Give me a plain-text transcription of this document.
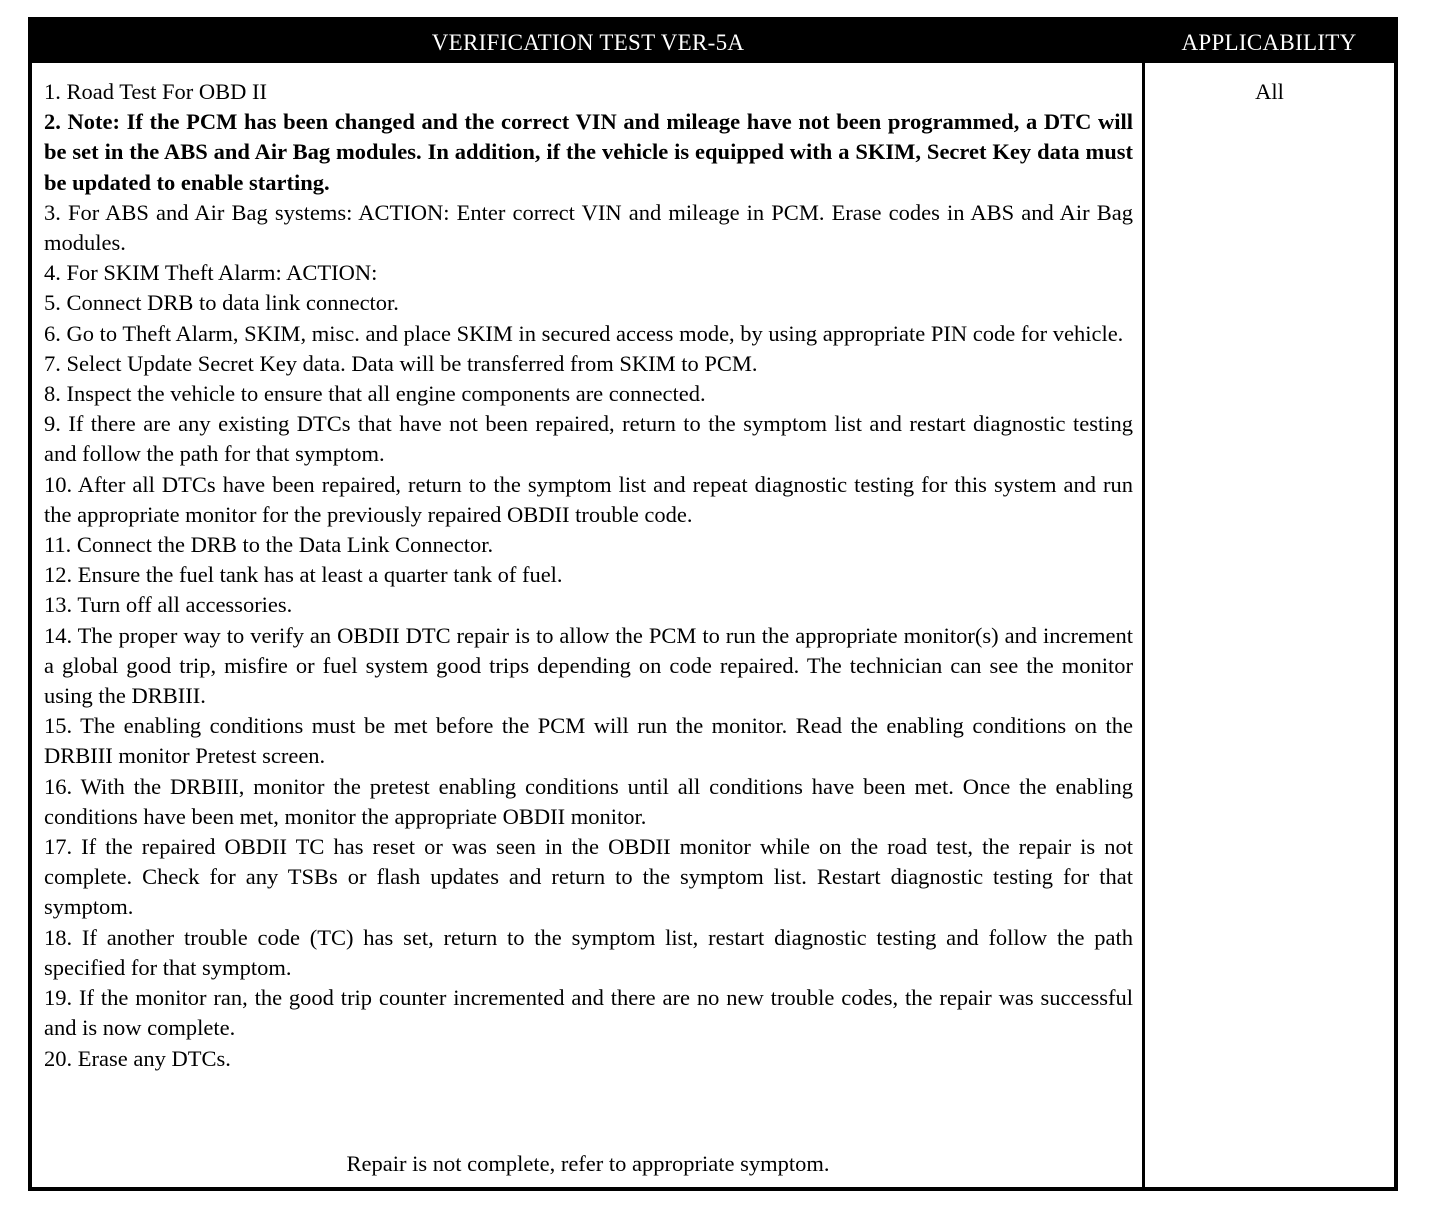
VERIFICATION TEST VER-5A	APPLICABILITY

1. Road Test For OBD II

2. Note: If the PCM has been changed and the correct VIN and mileage have not been programmed, a DTC will be set in the ABS and Air Bag modules. In addition, if the vehicle is equipped with a SKIM, Secret Key data must be updated to enable starting.

3. For ABS and Air Bag systems: ACTION: Enter correct VIN and mileage in PCM. Erase codes in ABS and Air Bag modules.

4. For SKIM Theft Alarm: ACTION:

5. Connect DRB to data link connector.

6. Go to Theft Alarm, SKIM, misc. and place SKIM in secured access mode, by using appropriate PIN code for vehicle.

7. Select Update Secret Key data. Data will be transferred from SKIM to PCM.

8. Inspect the vehicle to ensure that all engine components are connected.

9. If there are any existing DTCs that have not been repaired, return to the symptom list and restart diagnostic testing and follow the path for that symptom.

10. After all DTCs have been repaired, return to the symptom list and repeat diagnostic testing for this system and run the appropriate monitor for the previously repaired OBDII trouble code.

11. Connect the DRB to the Data Link Connector.

12. Ensure the fuel tank has at least a quarter tank of fuel.

13. Turn off all accessories.

14. The proper way to verify an OBDII DTC repair is to allow the PCM to run the appropriate monitor(s) and increment a global good trip, misfire or fuel system good trips depending on code repaired. The technician can see the monitor using the DRBIII.

15. The enabling conditions must be met before the PCM will run the monitor. Read the enabling conditions on the DRBIII monitor Pretest screen.

16. With the DRBIII, monitor the pretest enabling conditions until all conditions have been met. Once the enabling conditions have been met, monitor the appropriate OBDII monitor.

17. If the repaired OBDII TC has reset or was seen in the OBDII monitor while on the road test, the repair is not complete. Check for any TSBs or flash updates and return to the symptom list. Restart diagnostic testing for that symptom.

18. If another trouble code (TC) has set, return to the symptom list, restart diagnostic testing and follow the path specified for that symptom.

19. If the monitor ran, the good trip counter incremented and there are no new trouble codes, the repair was successful and is now complete.

20. Erase any DTCs.

Repair is not complete, refer to appropriate symptom.
All
